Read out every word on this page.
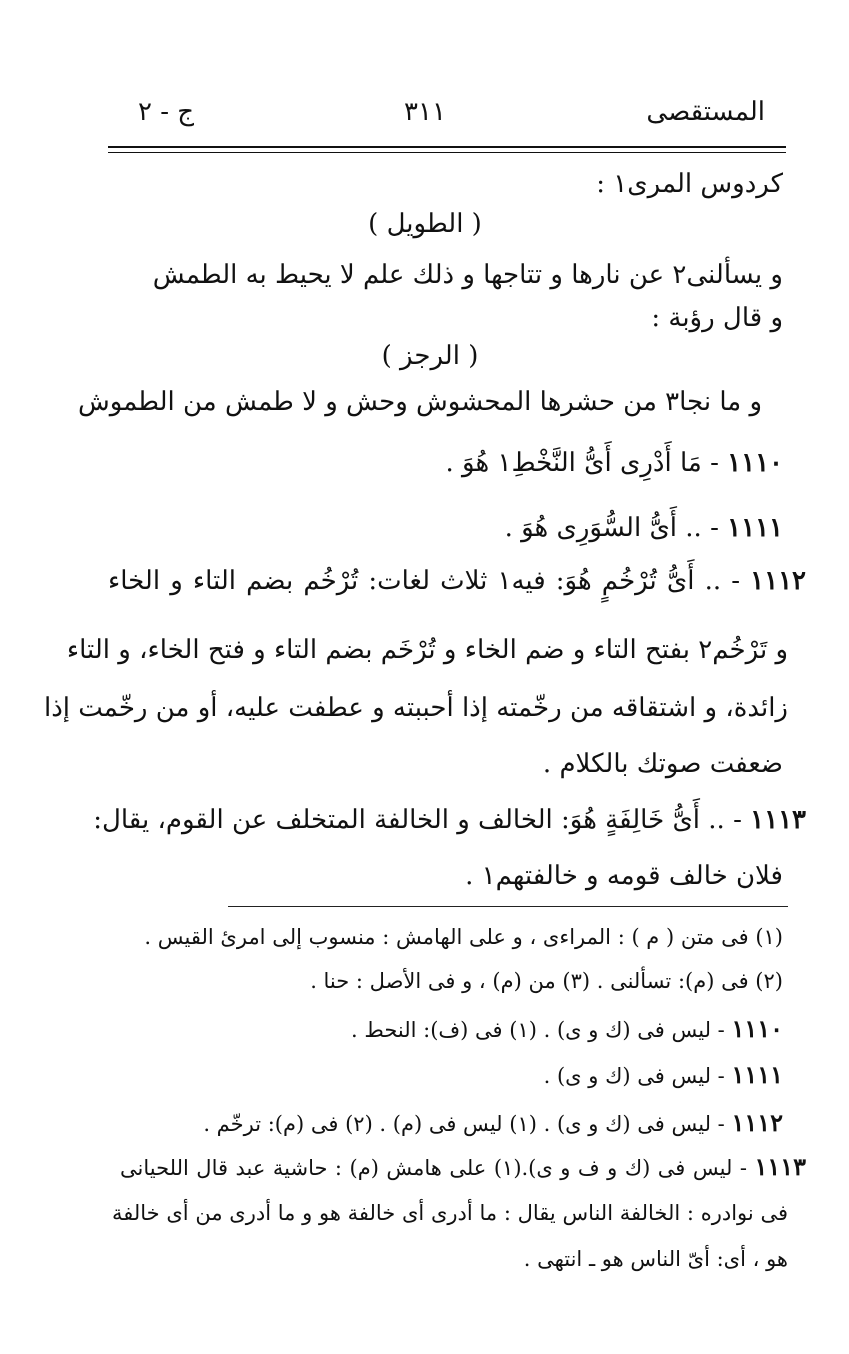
المستقصى
٣١١
ج - ٢
كردوس المرى١ :
( الطويل )
و يسألنى٢ عن نارها و تتاجها و ذلك علم لا يحيط به الطمش
و قال رؤبة :
( الرجز )
و ما نجا٣ من حشرها المحشوش وحش و لا طمش من الطموش
١١١٠ - مَا أَدْرِى أَىُّ النَّخْطِ١ هُوَ .
١١١١ - .. أَىُّ السُّوَرِى هُوَ .
١١١٢ - .. أَىُّ تُرْخُمٍ هُوَ: فيه١ ثلاث لغات: تُرْخُم بضم التاء و الخاء
و تَرْخُم٢ بفتح التاء و ضم الخاء و تُرْخَم بضم التاء و فتح الخاء، و التاء
زائدة، و اشتقاقه من رخّمته إذا أحببته و عطفت عليه، أو من رخّمت إذا
ضعفت صوتك بالكلام .
١١١٣ - .. أَىُّ خَالِفَةٍ هُوَ: الخالف و الخالفة المتخلف عن القوم، يقال:
فلان خالف قومه و خالفتهم١ .
(١) فى متن ( م ) : المراءى ، و على الهامش : منسوب إلى امرئ القيس .
(٢) فى (م): تسألنى . (٣) من (م) ، و فى الأصل : حنا .
١١١٠ - ليس فى (ك و ى) . (١) فى (ف): النحط .
١١١١ - ليس فى (ك و ى) .
١١١٢ - ليس فى (ك و ى) . (١) ليس فى (م) . (٢) فى (م): ترخّم .
١١١٣ - ليس فى (ك و ف و ى).(١) على هامش (م) : حاشية عبد قال اللحيانى
فى نوادره : الخالفة الناس يقال : ما أدرى أى خالفة هو و ما أدرى من أى خالفة
هو ، أى: أىّ الناس هو ـ انتهى .
